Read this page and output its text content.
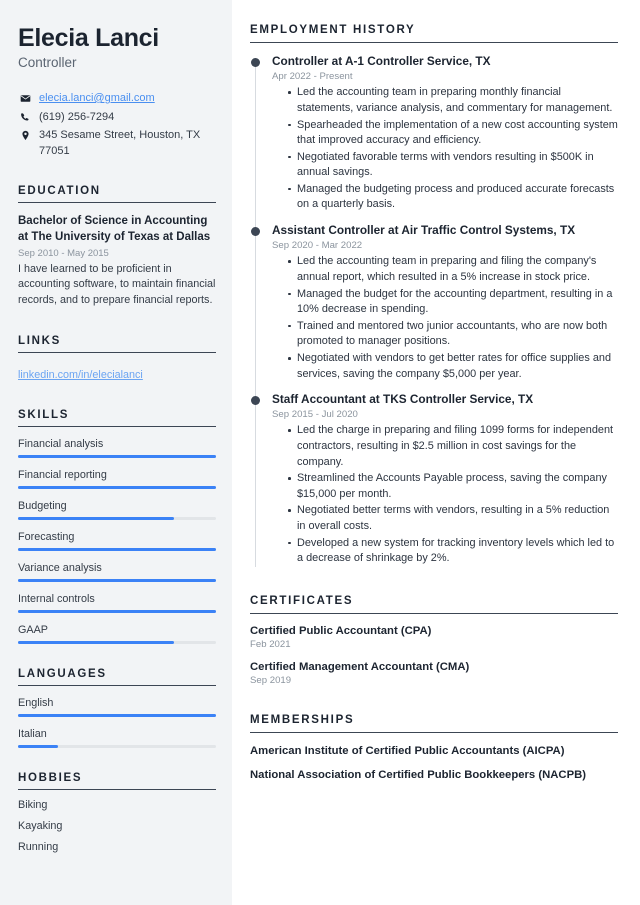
Elecia Lanci
Controller
elecia.lanci@gmail.com
(619) 256-7294
345 Sesame Street, Houston, TX 77051
EDUCATION
Bachelor of Science in Accounting at The University of Texas at Dallas
Sep 2010 - May 2015
I have learned to be proficient in accounting software, to maintain financial records, and to prepare financial reports.
LINKS
linkedin.com/in/elecialanci
SKILLS
Financial analysis
Financial reporting
Budgeting
Forecasting
Variance analysis
Internal controls
GAAP
LANGUAGES
English
Italian
HOBBIES
Biking
Kayaking
Running
EMPLOYMENT HISTORY
Controller at A-1 Controller Service, TX
Apr 2022 - Present
Led the accounting team in preparing monthly financial statements, variance analysis, and commentary for management.
Spearheaded the implementation of a new cost accounting system that improved accuracy and efficiency.
Negotiated favorable terms with vendors resulting in $500K in annual savings.
Managed the budgeting process and produced accurate forecasts on a quarterly basis.
Assistant Controller at Air Traffic Control Systems, TX
Sep 2020 - Mar 2022
Led the accounting team in preparing and filing the company's annual report, which resulted in a 5% increase in stock price.
Managed the budget for the accounting department, resulting in a 10% decrease in spending.
Trained and mentored two junior accountants, who are now both promoted to manager positions.
Negotiated with vendors to get better rates for office supplies and services, saving the company $5,000 per year.
Staff Accountant at TKS Controller Service, TX
Sep 2015 - Jul 2020
Led the charge in preparing and filing 1099 forms for independent contractors, resulting in $2.5 million in cost savings for the company.
Streamlined the Accounts Payable process, saving the company $15,000 per month.
Negotiated better terms with vendors, resulting in a 5% reduction in overall costs.
Developed a new system for tracking inventory levels which led to a decrease of shrinkage by 2%.
CERTIFICATES
Certified Public Accountant (CPA)
Feb 2021
Certified Management Accountant (CMA)
Sep 2019
MEMBERSHIPS
American Institute of Certified Public Accountants (AICPA)
National Association of Certified Public Bookkeepers (NACPB)
